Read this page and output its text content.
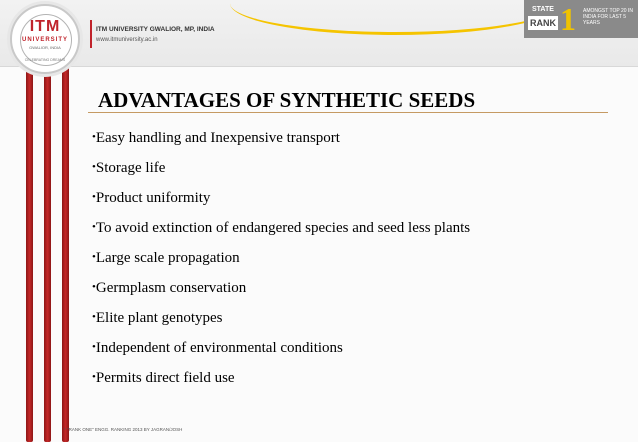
ITM
UNIVERSITY
GWALIOR, INDIA
CELEBRATING DREAMS
ITM UNIVERSITY GWALIOR, MP, INDIA
www.itmuniversity.ac.in
STATE
RANK 1 AMONGST TOP 20 IN INDIA FOR LAST 5 YEARS
ADVANTAGES OF SYNTHETIC SEEDS
•Easy handling and Inexpensive transport
•Storage life
•Product uniformity
•To avoid extinction of endangered species and seed less plants
•Large scale propagation
•Germplasm conservation
•Elite plant genotypes
•Independent of environmental conditions
•Permits direct field use
* "RANK ONE" ENGG. RANKING 2013 BY JAGRAN/JOSH
